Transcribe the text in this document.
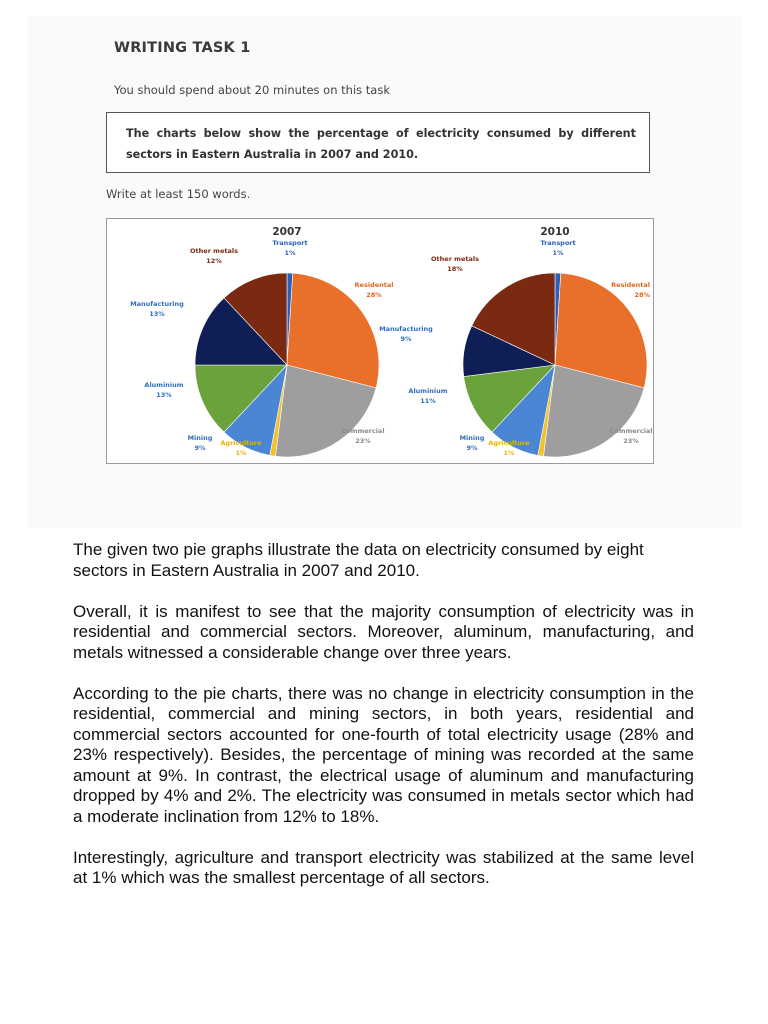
WRITING TASK 1
You should spend about 20 minutes on this task
The charts below show the percentage of electricity consumed by different sectors in Eastern Australia in 2007 and 2010.
Write at least 150 words.
2007
Transport
1%
Residental
28%
Commercial
23%
Agriculture
1%
Mining
9%
Aluminium
13%
Manufacturing
13%
Other metals
12%
2010
Transport
1%
Residental
28%
Commercial
23%
Agriculture
1%
Mining
9%
Aluminium
11%
Manufacturing
9%
Other metals
18%

The given two pie graphs illustrate the data on electricity consumed by eight sectors in Eastern Australia in 2007 and 2010.

Overall, it is manifest to see that the majority consumption of electricity was in residential and commercial sectors. Moreover, aluminum, manufacturing, and metals witnessed a considerable change over three years.

According to the pie charts, there was no change in electricity consumption in the residential, commercial and mining sectors, in both years, residential and commercial sectors accounted for one-fourth of total electricity usage (28% and 23% respectively). Besides, the percentage of mining was recorded at the same amount at 9%. In contrast, the electrical usage of aluminum and manufacturing dropped by 4% and 2%. The electricity was consumed in metals sector which had a moderate inclination from 12% to 18%.

Interestingly, agriculture and transport electricity was stabilized at the same level at 1% which was the smallest percentage of all sectors.
